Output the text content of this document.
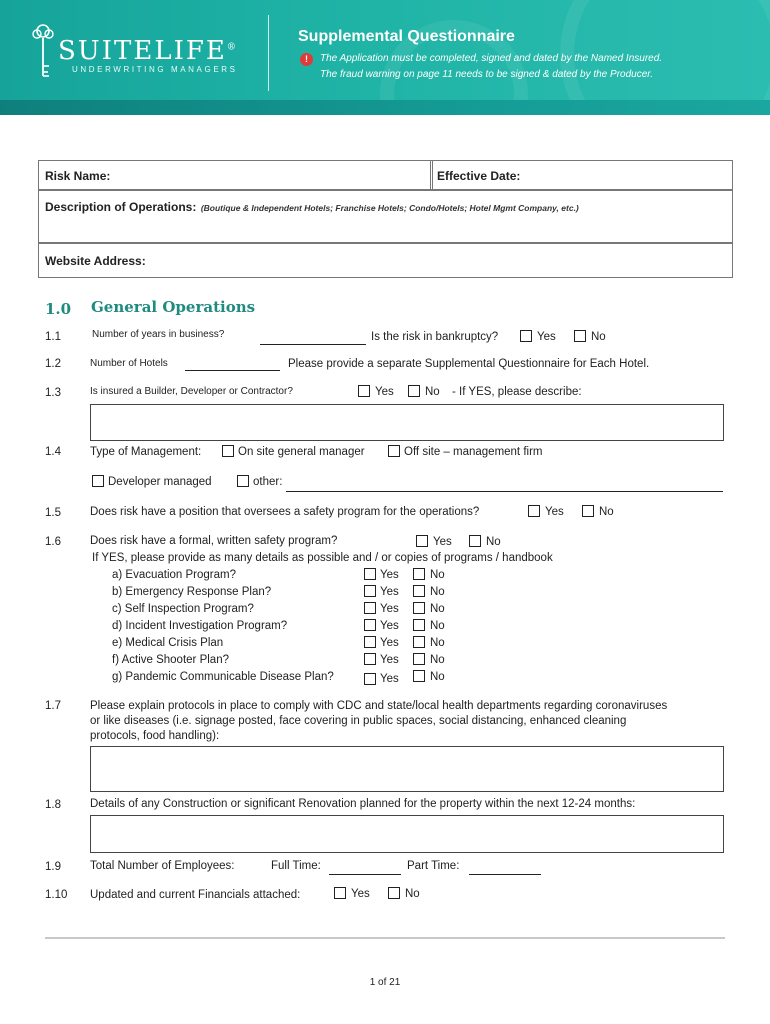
SUITELIFE®
UNDERWRITING MANAGERS
Supplemental Questionnaire
!	The Application must be completed, signed and dated by the Named Insured.
The fraud warning on page 11 needs to be signed & dated by the Producer.
Risk Name:	Effective Date:
Description of Operations: (Boutique & Independent Hotels; Franchise Hotels; Condo/Hotels; Hotel Mgmt Company, etc.)
Website Address:
1.0 General Operations
1.1	Number of years in business?	Is the risk in bankruptcy?	Yes	No
1.2	Number of Hotels	Please provide a separate Supplemental Questionnaire for Each Hotel.
1.3	Is insured a Builder, Developer or Contractor?	Yes	No - If YES, please describe:
1.4	Type of Management:	On site general manager	Off site – management firm
Developer managed	other:
1.5	Does risk have a position that oversees a safety program for the operations?	Yes	No
1.6	Does risk have a formal, written safety program?	Yes	No
If YES, please provide as many details as possible and / or copies of programs / handbook
a) Evacuation Program?	Yes	No
b) Emergency Response Plan?	Yes	No
c) Self Inspection Program?	Yes	No
d) Incident Investigation Program?	Yes	No
e) Medical Crisis Plan	Yes	No
f) Active Shooter Plan?	Yes	No
g) Pandemic Communicable Disease Plan?	Yes	No
1.7	Please explain protocols in place to comply with CDC and state/local health departments regarding coronaviruses
or like diseases (i.e. signage posted, face covering in public spaces, social distancing, enhanced cleaning
protocols, food handling):
1.8	Details of any Construction or significant Renovation planned for the property within the next 12-24 months:
1.9	Total Number of Employees:	Full Time:	Part Time:
1.10 Updated and current Financials attached:	Yes	No
1 of 21
